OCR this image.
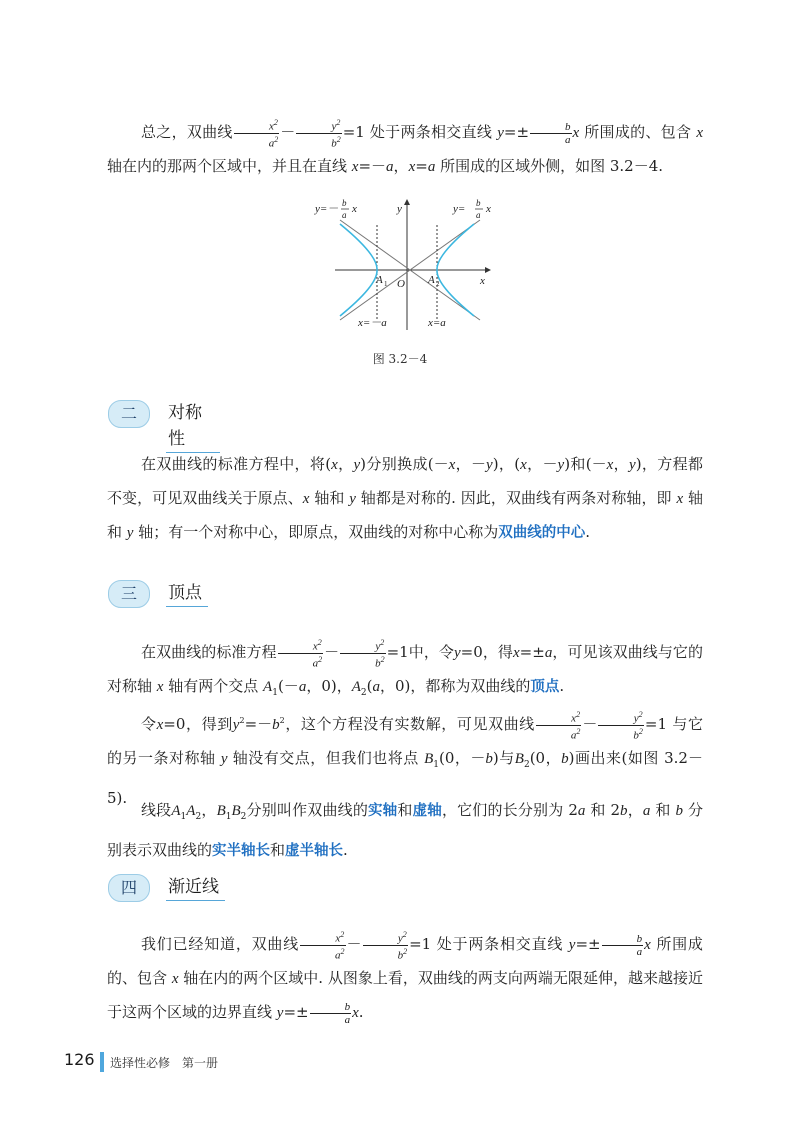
总之，双曲线 $\frac{x^2}{a^2} - \frac{y^2}{b^2} =1$ 处于两条相交直线 $y=\pm \frac{b}{a}$ x 所围成的、包含 x 轴在内的那两个区域中，并且在直线 x=－a，x=a 所围成的区域外侧，如图 3.2－4.

y=－ b
a x	y= b
a x
y
x
O
A 1	A 2
x=－a	x=a
图 3.2－4
二	对称性

在双曲线的标准方程中，将(x，y)分别换成(－x，－y)，(x，－y)和(－x，y)，方程都不变，可见双曲线关于原点、x 轴和 y 轴都是对称的. 因此，双曲线有两条对称轴，即 x 轴和 y 轴；有一个对称中心，即原点，双曲线的对称中心称为双曲线的中心.

三	顶点

在双曲线的标准方程 $\frac{x^2}{a^2} - \frac{y^2}{b^2} =1$中，令y=0，得x=±a，可见该双曲线与它的对称轴 x 轴有两个交点 $A_1(-a$，0)，$A_2(a$，0)，都称为双曲线的顶点.

令x=0，得到$y^2=-b^2$，这个方程没有实数解，可见双曲线 $\frac{x^2}{a^2} - \frac{y^2}{b^2} =1$ 与它的另一条对称轴 y 轴没有交点，但我们也将点 $B_1(0$，－b)与$B_2(0$，b)画出来(如图 3.2－5).

线段$A_1A_2$，$B_1B_2$分别叫作双曲线的实轴和虚轴，它们的长分别为 2a 和 2b，a 和 b 分别表示双曲线的实半轴长和虚半轴长.

四	渐近线

我们已经知道，双曲线 $\frac{x^2}{a^2} - \frac{y^2}{b^2} =1$ 处于两条相交直线 $y=\pm \frac{b}{a}$ x 所围成的、包含 x 轴在内的两个区域中. 从图象上看，双曲线的两支向两端无限延伸，越来越接近于这两个区域的边界直线 $y=\pm \frac{b}{a} x$.

126 选择性必修　第一册
